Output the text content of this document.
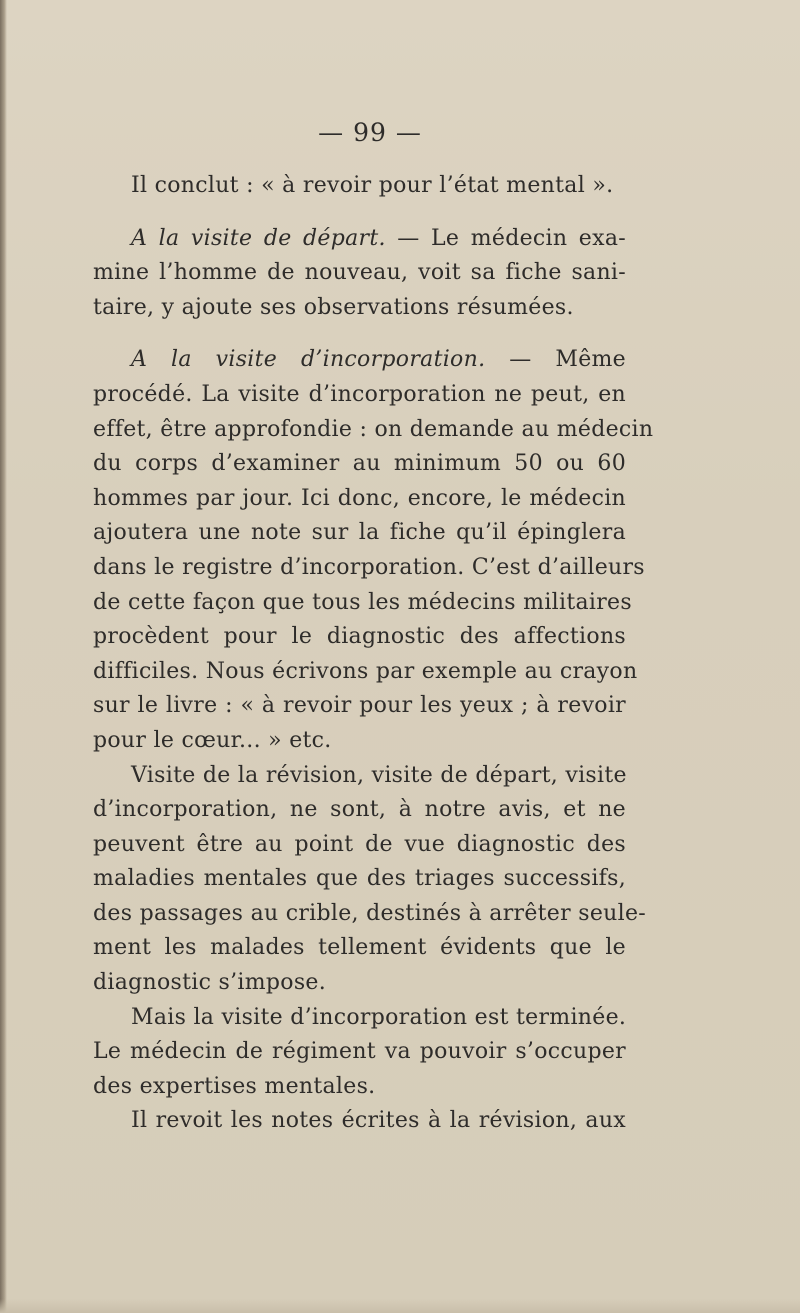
— 99 —
Il conclut : « à revoir pour l’état mental ».
A la visite de départ. — Le médecin exa-
mine l’homme de nouveau, voit sa fiche sani-
taire, y ajoute ses observations résumées.
A la visite d’incorporation. — Même
procédé. La visite d’incorporation ne peut, en
effet, être approfondie : on demande au médecin
du corps d’examiner au minimum 50 ou 60
hommes par jour. Ici donc, encore, le médecin
ajoutera une note sur la fiche qu’il épinglera
dans le registre d’incorporation. C’est d’ailleurs
de cette façon que tous les médecins militaires
procèdent pour le diagnostic des affections
difficiles. Nous écrivons par exemple au crayon
sur le livre : « à revoir pour les yeux ; à revoir
pour le cœur... » etc.
Visite de la révision, visite de départ, visite
d’incorporation, ne sont, à notre avis, et ne
peuvent être au point de vue diagnostic des
maladies mentales que des triages successifs,
des passages au crible, destinés à arrêter seule-
ment les malades tellement évidents que le
diagnostic s’impose.
Mais la visite d’incorporation est terminée.
Le médecin de régiment va pouvoir s’occuper
des expertises mentales.
Il revoit les notes écrites à la révision, aux
